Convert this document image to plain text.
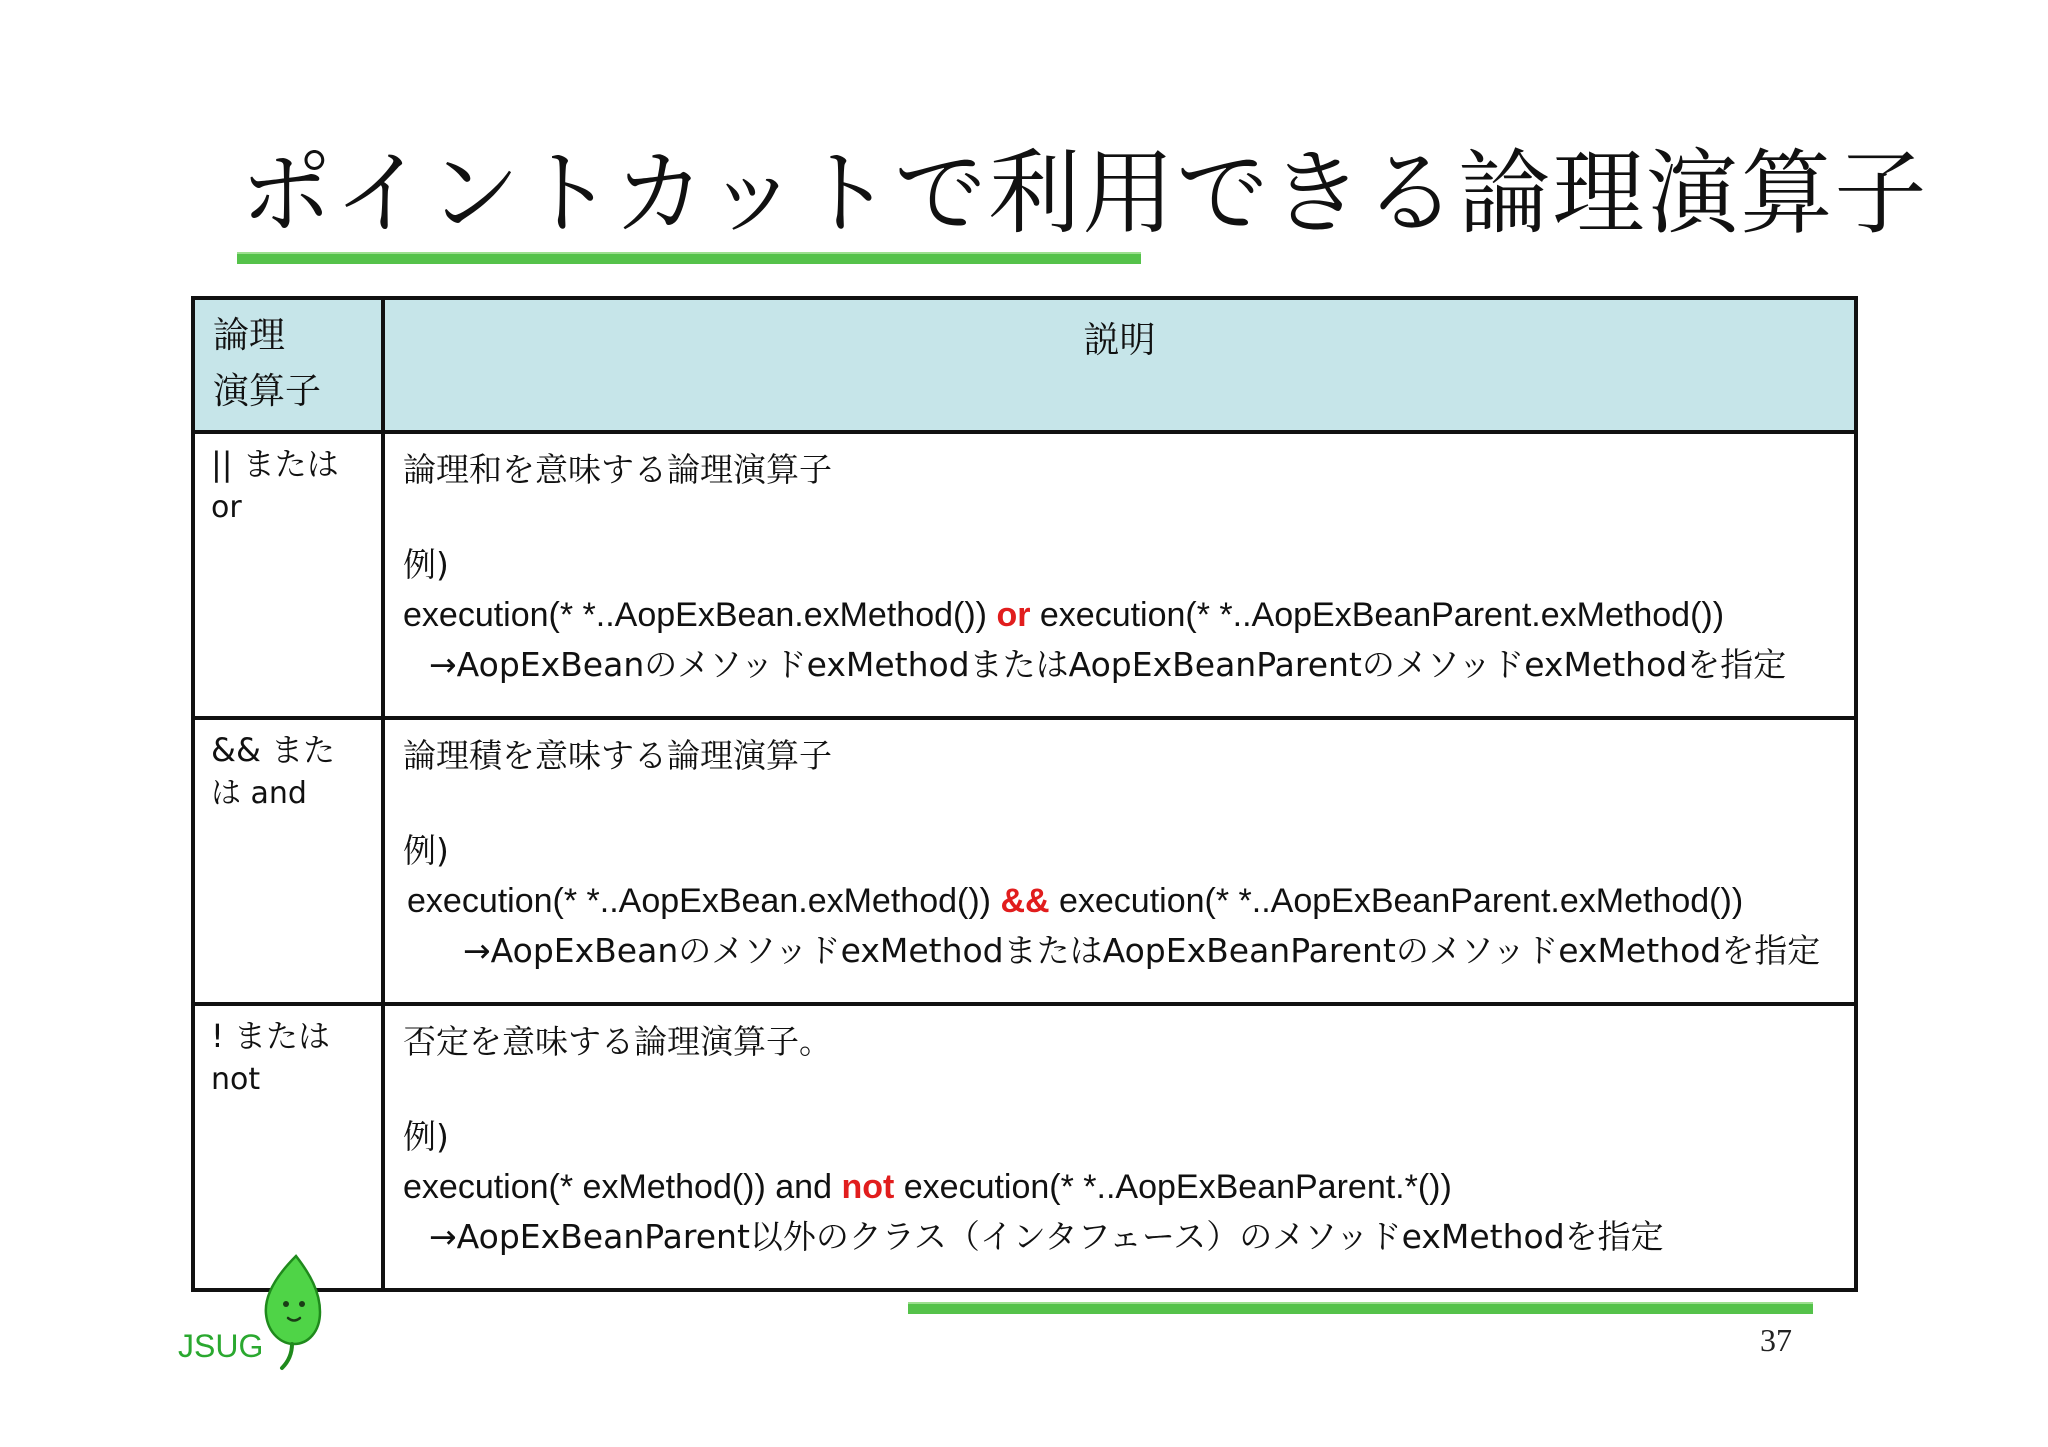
ポイントカットで利用できる論理演算子
論理
演算子	説明

|| または
or	論理和を意味する論理演算子
例)
execution(* *..AopExBean.exMethod()) or execution(* *..AopExBeanParent.exMethod())
→AopExBeanのメソッドexMethodまたはAopExBeanParentのメソッドexMethodを指定

&& また
は and	論理積を意味する論理演算子
例)
execution(* *..AopExBean.exMethod()) && execution(* *..AopExBeanParent.exMethod())
→AopExBeanのメソッドexMethodまたはAopExBeanParentのメソッドexMethodを指定

! または
not	否定を意味する論理演算子。
例)
execution(* exMethod()) and not execution(* *..AopExBeanParent.*())
→AopExBeanParent以外のクラス（インタフェース）のメソッドexMethodを指定
JSUG	37
